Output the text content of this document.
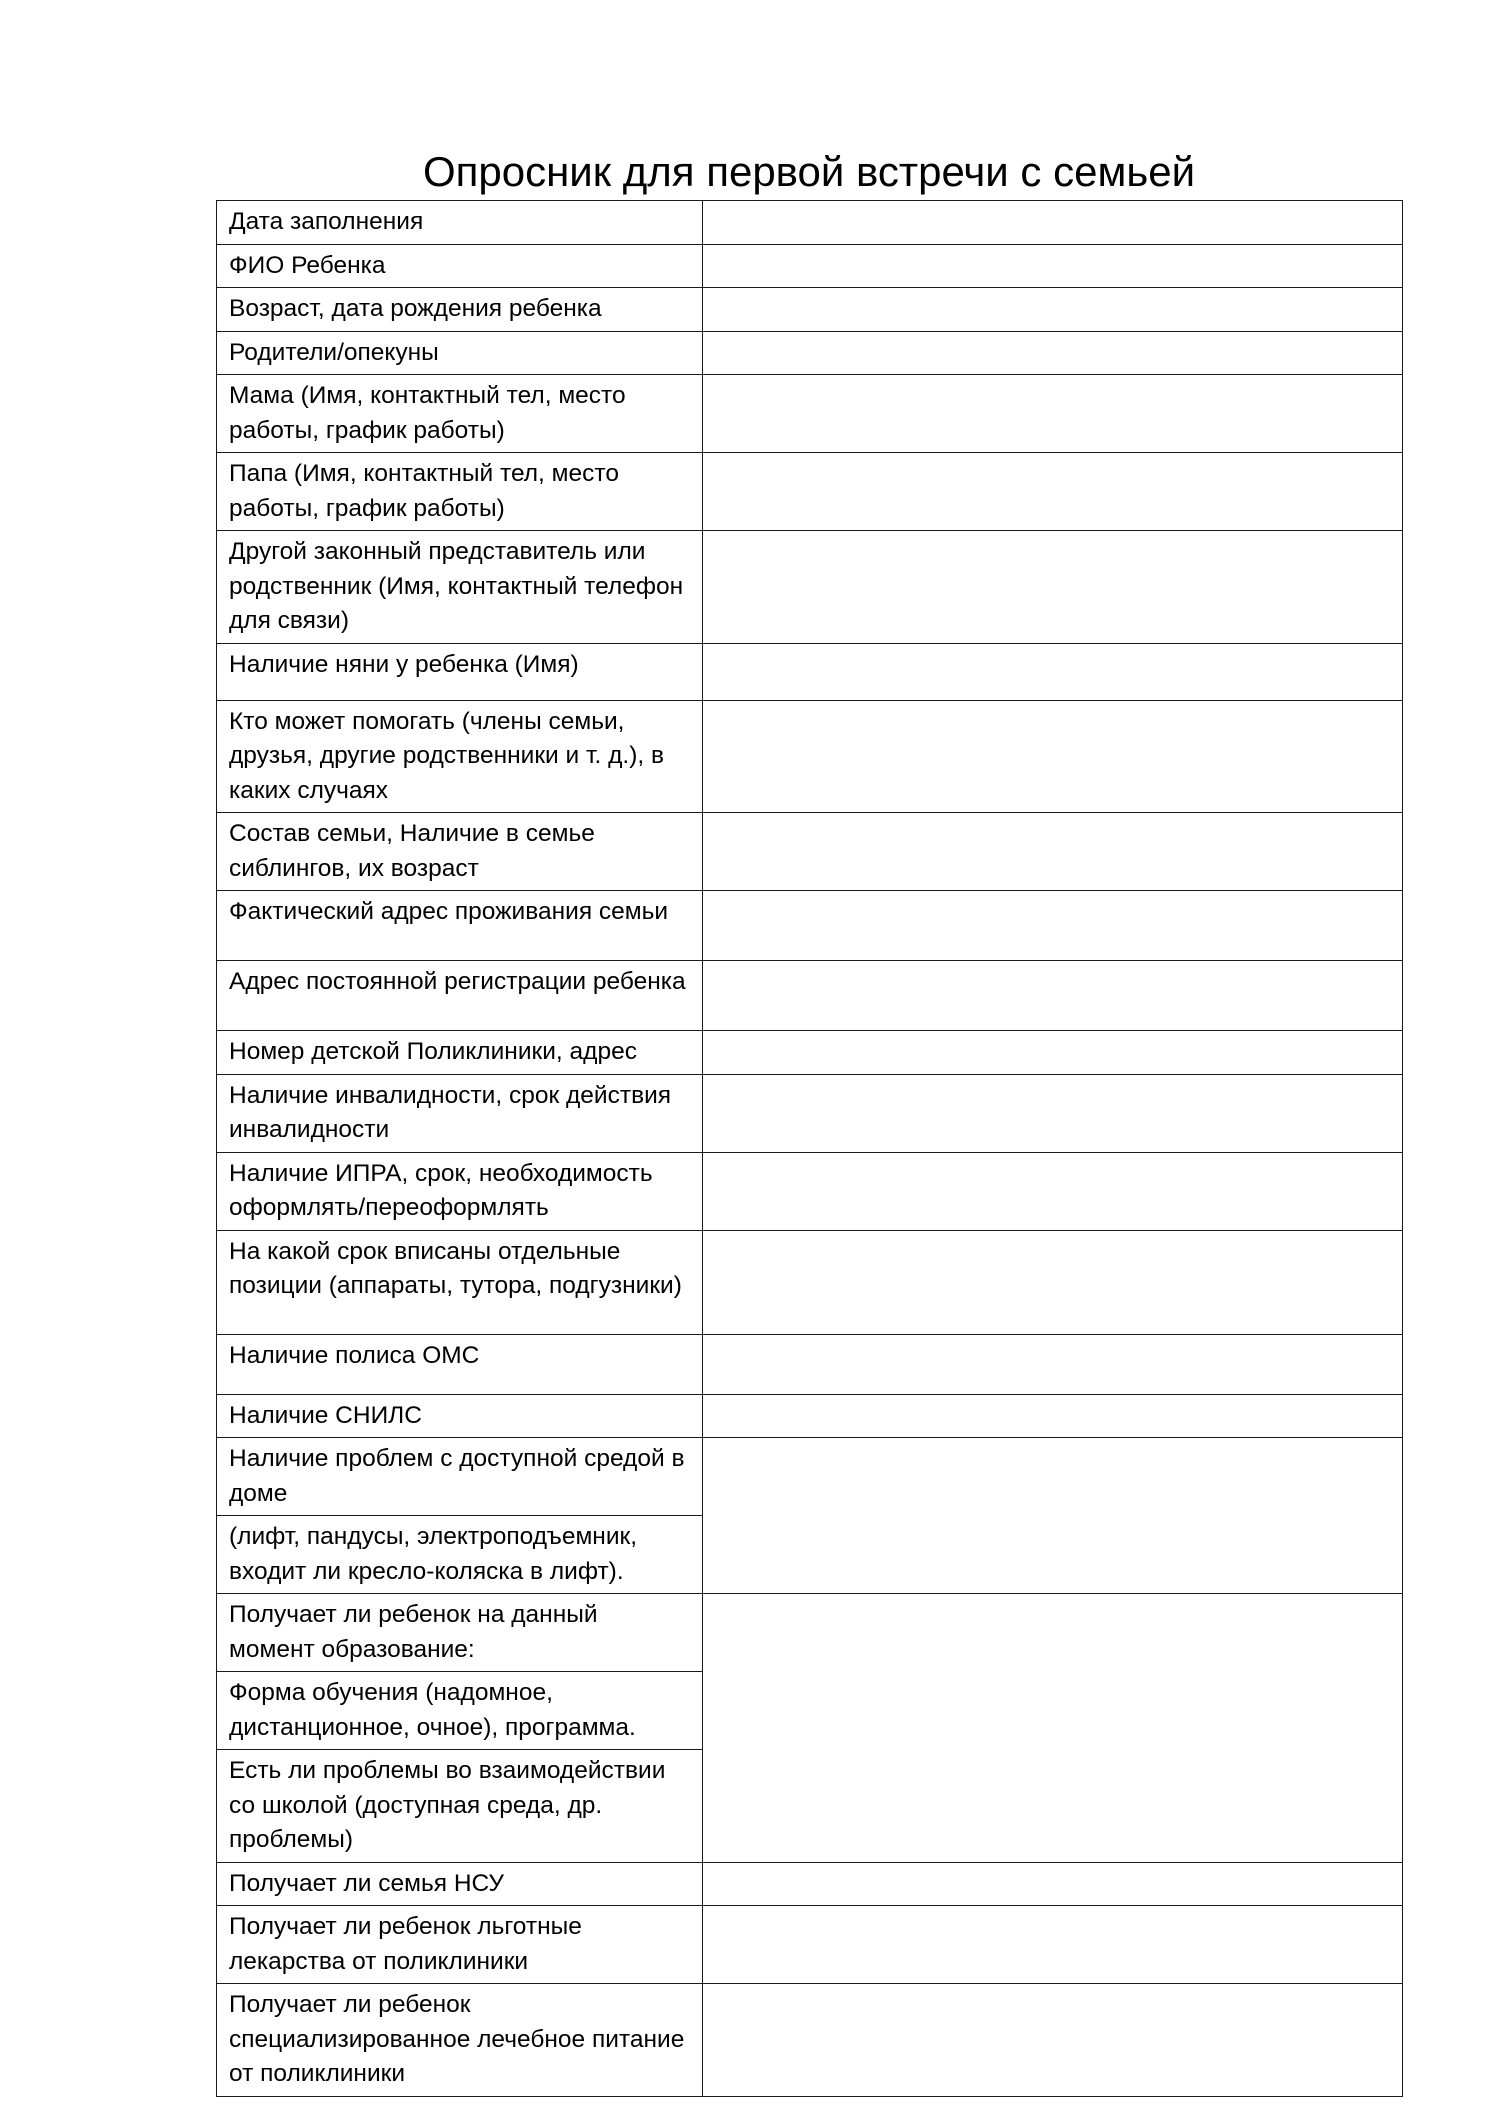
Опросник для первой встречи с семьей
Дата заполнения	
ФИО Ребенка	
Возраст, дата рождения ребенка	
Родители/опекуны	
Мама (Имя, контактный тел, место работы, график работы)	
Папа (Имя, контактный тел, место работы, график работы)	
Другой законный представитель или родственник (Имя, контактный телефон для связи)	
Наличие няни у ребенка (Имя)	
Кто может помогать (члены семьи, друзья, другие родственники и т. д.), в каких случаях	
Состав семьи, Наличие в семье сиблингов, их возраст	
Фактический адрес проживания семьи	
Адрес постоянной регистрации ребенка	
Номер детской Поликлиники, адрес	
Наличие инвалидности, срок действия инвалидности	
Наличие ИПРА, срок, необходимость оформлять/переоформлять	
На какой срок вписаны отдельные позиции (аппараты, тутора, подгузники)	
Наличие полиса ОМС	
Наличие СНИЛС	
Наличие проблем с доступной средой в доме	
(лифт, пандусы, электроподъемник, входит ли кресло-коляска в лифт).	
Получает ли ребенок на данный момент образование:	
Форма обучения (надомное, дистанционное, очное), программа.	
Есть ли проблемы во взаимодействии со школой (доступная среда, др. проблемы)	
Получает ли семья НСУ	
Получает ли ребенок льготные лекарства от поликлиники	
Получает ли ребенок специализированное лечебное питание от поликлиники	
